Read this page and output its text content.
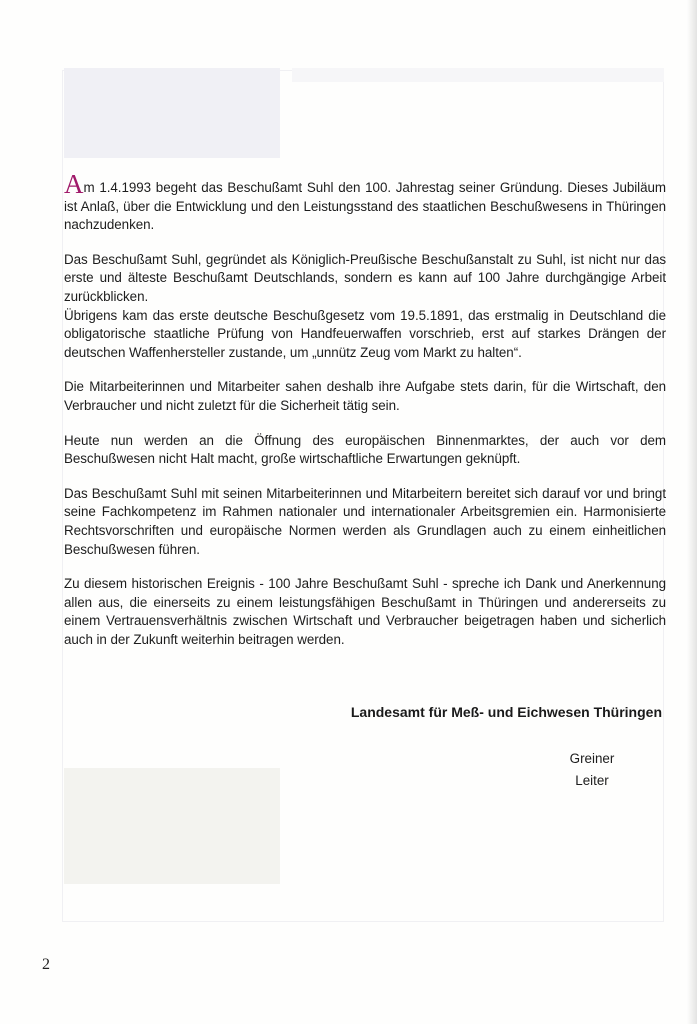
Am 1.4.1993 begeht das Beschußamt Suhl den 100. Jahrestag seiner Gründung. Dieses Jubiläum ist Anlaß, über die Entwicklung und den Leistungsstand des staatlichen Beschußwesens in Thüringen nachzudenken.

Das Beschußamt Suhl, gegründet als Königlich-Preußische Beschußanstalt zu Suhl, ist nicht nur das erste und älteste Beschußamt Deutschlands, sondern es kann auf 100 Jahre durchgängige Arbeit zurückblicken.

Übrigens kam das erste deutsche Beschußgesetz vom 19.5.1891, das erstmalig in Deutschland die obligatorische staatliche Prüfung von Handfeuerwaffen vorschrieb, erst auf starkes Drängen der deutschen Waffenhersteller zustande, um „unnütz Zeug vom Markt zu halten“.

Die Mitarbeiterinnen und Mitarbeiter sahen deshalb ihre Aufgabe stets darin, für die Wirtschaft, den Verbraucher und nicht zuletzt für die Sicherheit tätig sein.

Heute nun werden an die Öffnung des europäischen Binnenmarktes, der auch vor dem Beschußwesen nicht Halt macht, große wirtschaftliche Erwartungen geknüpft.

Das Beschußamt Suhl mit seinen Mitarbeiterinnen und Mitarbeitern bereitet sich darauf vor und bringt seine Fachkompetenz im Rahmen nationaler und internationaler Arbeitsgremien ein. Harmonisierte Rechtsvorschriften und europäische Normen werden als Grundlagen auch zu einem einheitlichen Beschußwesen führen.

Zu diesem historischen Ereignis - 100 Jahre Beschußamt Suhl - spreche ich Dank und Anerkennung allen aus, die einerseits zu einem leistungsfähigen Beschußamt in Thüringen und andererseits zu einem Vertrauensverhältnis zwischen Wirtschaft und Verbraucher beigetragen haben und sicherlich auch in der Zukunft weiterhin beitragen werden.

Landesamt für Meß- und Eichwesen Thüringen
Greiner
Leiter
2
